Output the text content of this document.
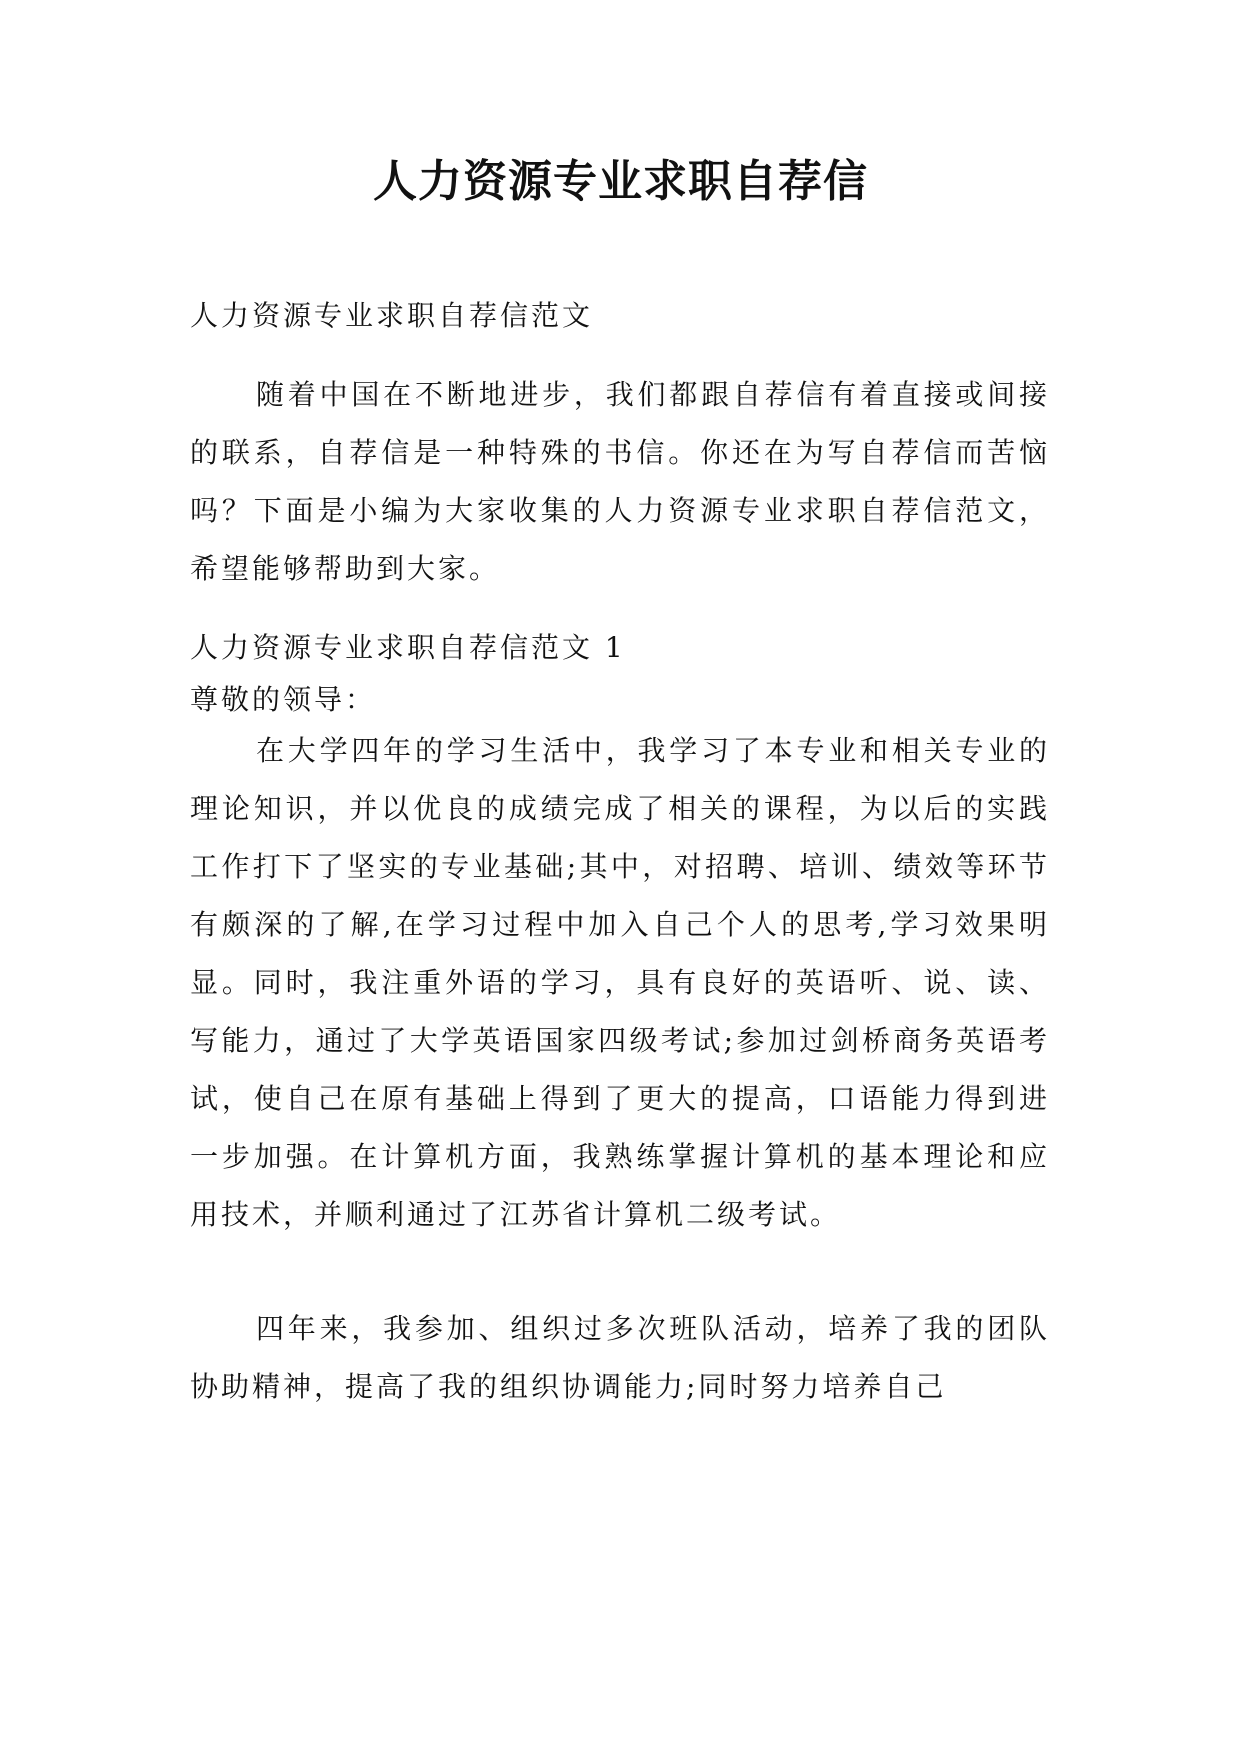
人力资源专业求职自荐信

人力资源专业求职自荐信范文

随着中国在不断地进步，我们都跟自荐信有着直接或间接的联系，自荐信是一种特殊的书信。你还在为写自荐信而苦恼吗？下面是小编为大家收集的人力资源专业求职自荐信范文，希望能够帮助到大家。

人力资源专业求职自荐信范文 1

尊敬的领导：

在大学四年的学习生活中，我学习了本专业和相关专业的理论知识，并以优良的成绩完成了相关的课程，为以后的实践工作打下了坚实的专业基础;其中，对招聘、培训、绩效等环节有颇深的了解,在学习过程中加入自己个人的思考,学习效果明显。同时，我注重外语的学习，具有良好的英语听、说、读、写能力，通过了大学英语国家四级考试;参加过剑桥商务英语考试，使自己在原有基础上得到了更大的提高，口语能力得到进一步加强。在计算机方面，我熟练掌握计算机的基本理论和应用技术，并顺利通过了江苏省计算机二级考试。

四年来，我参加、组织过多次班队活动，培养了我的团队协助精神，提高了我的组织协调能力;同时努力培养自己
